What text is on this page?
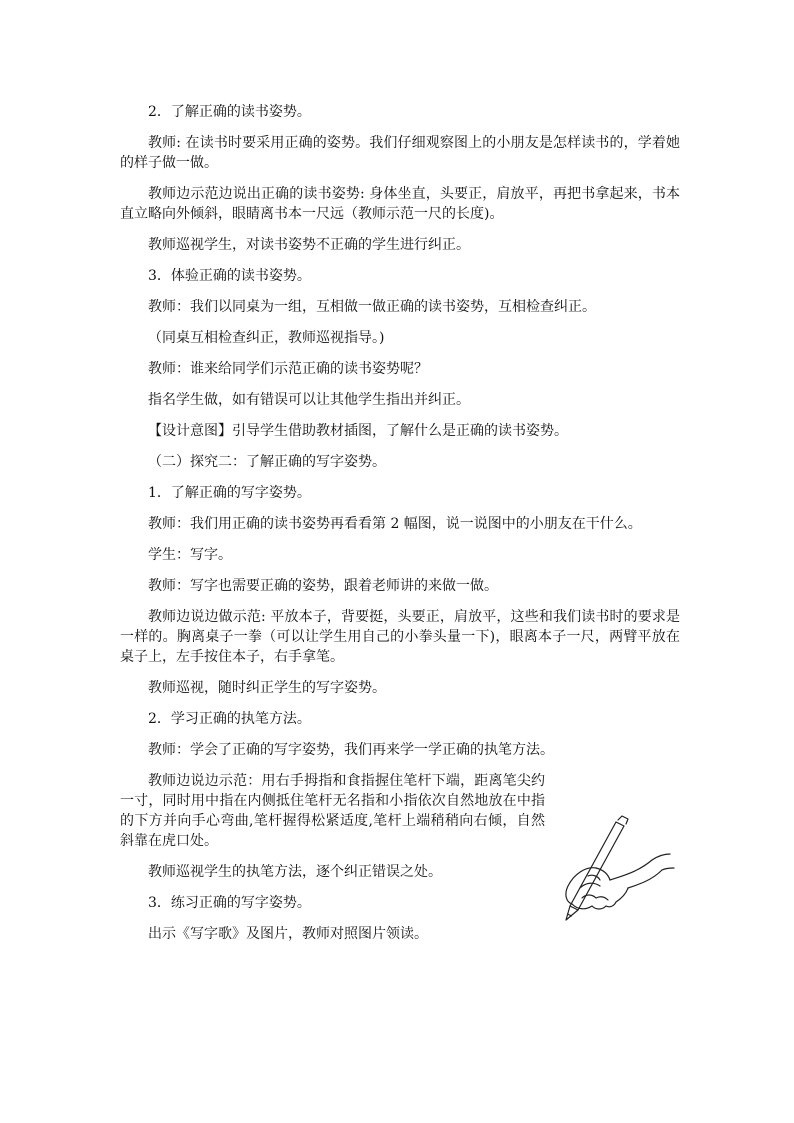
2．了解正确的读书姿势。

教师: 在读书时要采用正确的姿势。我们仔细观察图上的小朋友是怎样读书的，学着她的样子做一做。

教师边示范边说出正确的读书姿势: 身体坐直，头要正，肩放平，再把书拿起来，书本直立略向外倾斜，眼睛离书本一尺远（教师示范一尺的长度)。

教师巡视学生，对读书姿势不正确的学生进行纠正。

3．体验正确的读书姿势。

教师：我们以同桌为一组，互相做一做正确的读书姿势，互相检查纠正。

（同桌互相检查纠正，教师巡视指导。)

教师：谁来给同学们示范正确的读书姿势呢？

指名学生做，如有错误可以让其他学生指出并纠正。

【设计意图】引导学生借助教材插图，了解什么是正确的读书姿势。

（二）探究二：了解正确的写字姿势。

1．了解正确的写字姿势。

教师：我们用正确的读书姿势再看看第 2 幅图，说一说图中的小朋友在干什么。

学生：写字。

教师：写字也需要正确的姿势，跟着老师讲的来做一做。

教师边说边做示范: 平放本子，背要挺，头要正，肩放平，这些和我们读书时的要求是一样的。胸离桌子一拳（可以让学生用自己的小拳头量一下)，眼离本子一尺，两臂平放在桌子上，左手按住本子，右手拿笔。

教师巡视，随时纠正学生的写字姿势。

2．学习正确的执笔方法。

教师：学会了正确的写字姿势，我们再来学一学正确的执笔方法。

教师边说边示范：用右手拇指和食指握住笔杆下端，距离笔尖约一寸，同时用中指在内侧抵住笔杆无名指和小指依次自然地放在中指的下方并向手心弯曲,笔杆握得松紧适度,笔杆上端稍稍向右倾，自然斜靠在虎口处。

教师巡视学生的执笔方法，逐个纠正错误之处。

3．练习正确的写字姿势。

出示《写字歌》及图片，教师对照图片领读。
